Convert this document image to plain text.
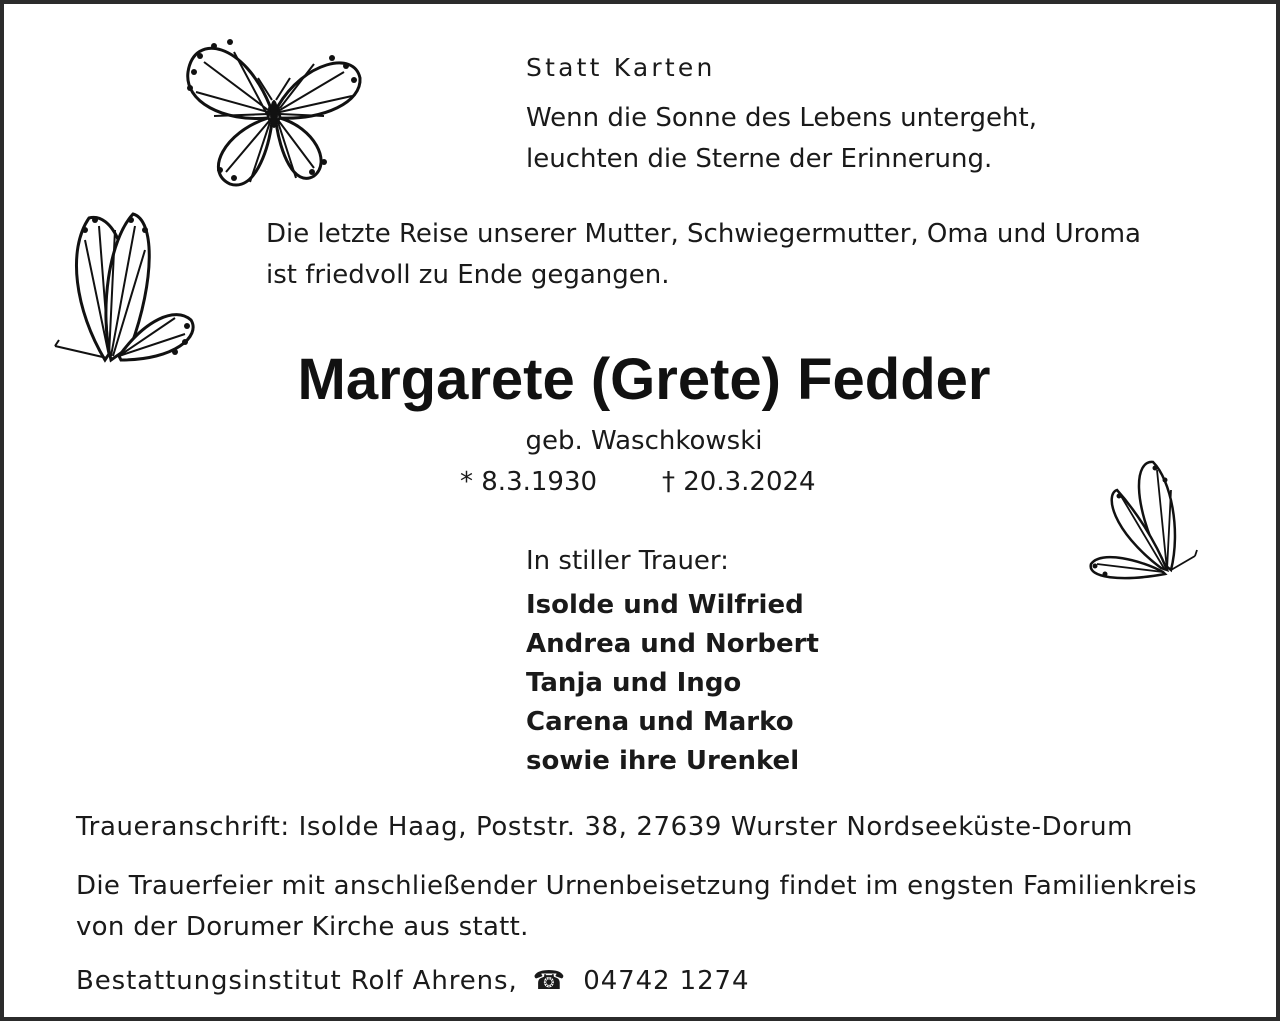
Statt Karten
Wenn die Sonne des Lebens untergeht,
leuchten die Sterne der Erinnerung.
Die letzte Reise unserer Mutter, Schwiegermutter, Oma und Uroma
ist friedvoll zu Ende gegangen.
Margarete (Grete) Fedder
geb. Waschkowski
* 8.3.1930 † 20.3.2024
In stiller Trauer:
Isolde und Wilfried
Andrea und Norbert
Tanja und Ingo
Carena und Marko
sowie ihre Urenkel
Traueranschrift: Isolde Haag, Poststr. 38, 27639 Wurster Nordseeküste-Dorum
Die Trauerfeier mit anschließender Urnenbeisetzung findet im engsten Familienkreis
von der Dorumer Kirche aus statt.
Bestattungsinstitut Rolf Ahrens, ☎ 04742 1274
